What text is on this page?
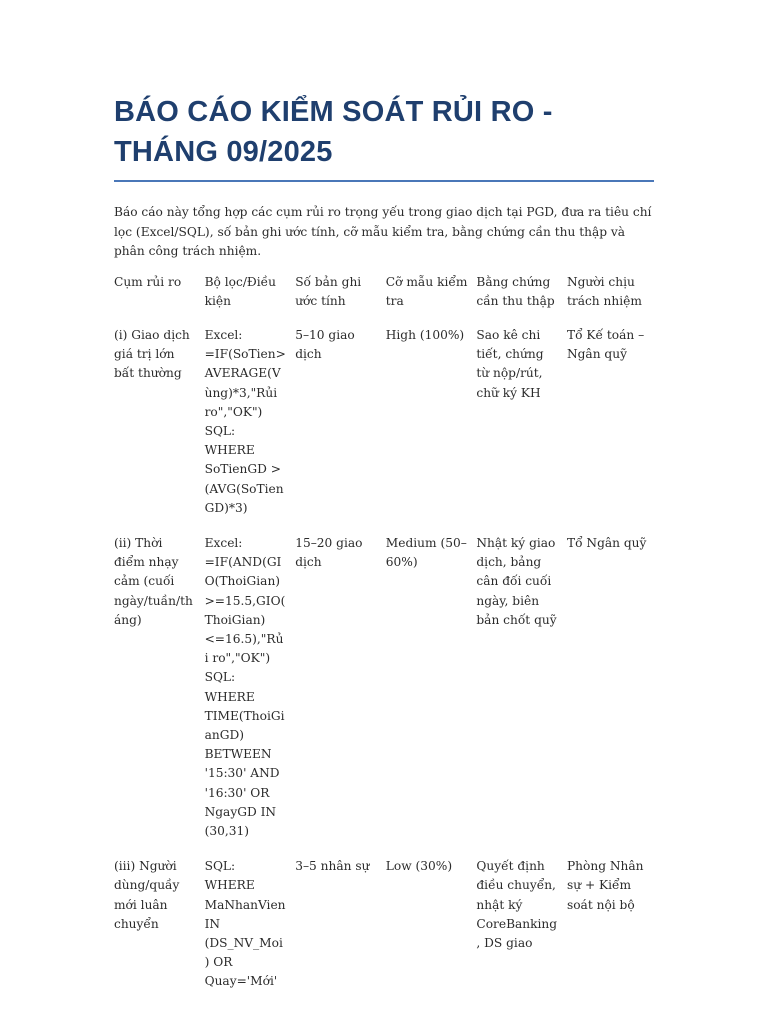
BÁO CÁO KIỂM SOÁT RỦI RO - THÁNG 09/2025

Báo cáo này tổng hợp các cụm rủi ro trọng yếu trong giao dịch tại PGD, đưa ra tiêu chí lọc (Excel/SQL), số bản ghi ước tính, cỡ mẫu kiểm tra, bằng chứng cần thu thập và phân công trách nhiệm.

Cụm rủi ro	Bộ lọc/Điều kiện	Số bản ghi ước tính	Cỡ mẫu kiểm tra	Bằng chứng cần thu thập	Người chịu trách nhiệm
(i) Giao dịch giá trị lớn bất thường	Excel: =IF(SoTien>AVERAGE(Vùng)*3,"Rủi ro","OK")
SQL: WHERE SoTienGD > (AVG(SoTienGD)*3)	5–10 giao dịch	High (100%)	Sao kê chi tiết, chứng từ nộp/rút, chữ ký KH	Tổ Kế toán – Ngân quỹ
(ii) Thời điểm nhạy cảm (cuối ngày/tuần/tháng)	Excel: =IF(AND(GIO(ThoiGian)>=15.5,GIO(ThoiGian)<=16.5),"Rủi ro","OK")
SQL: WHERE TIME(ThoiGianGD) BETWEEN '15:30' AND '16:30' OR NgayGD IN (30,31)	15–20 giao dịch	Medium (50–60%)	Nhật ký giao dịch, bảng cân đối cuối ngày, biên bản chốt quỹ	Tổ Ngân quỹ
(iii) Người dùng/quầy mới luân chuyển	SQL: WHERE MaNhanVien IN (DS_NV_Moi) OR Quay='Mới'	3–5 nhân sự	Low (30%)	Quyết định điều chuyển, nhật ký CoreBanking, DS giao	Phòng Nhân sự + Kiểm soát nội bộ
